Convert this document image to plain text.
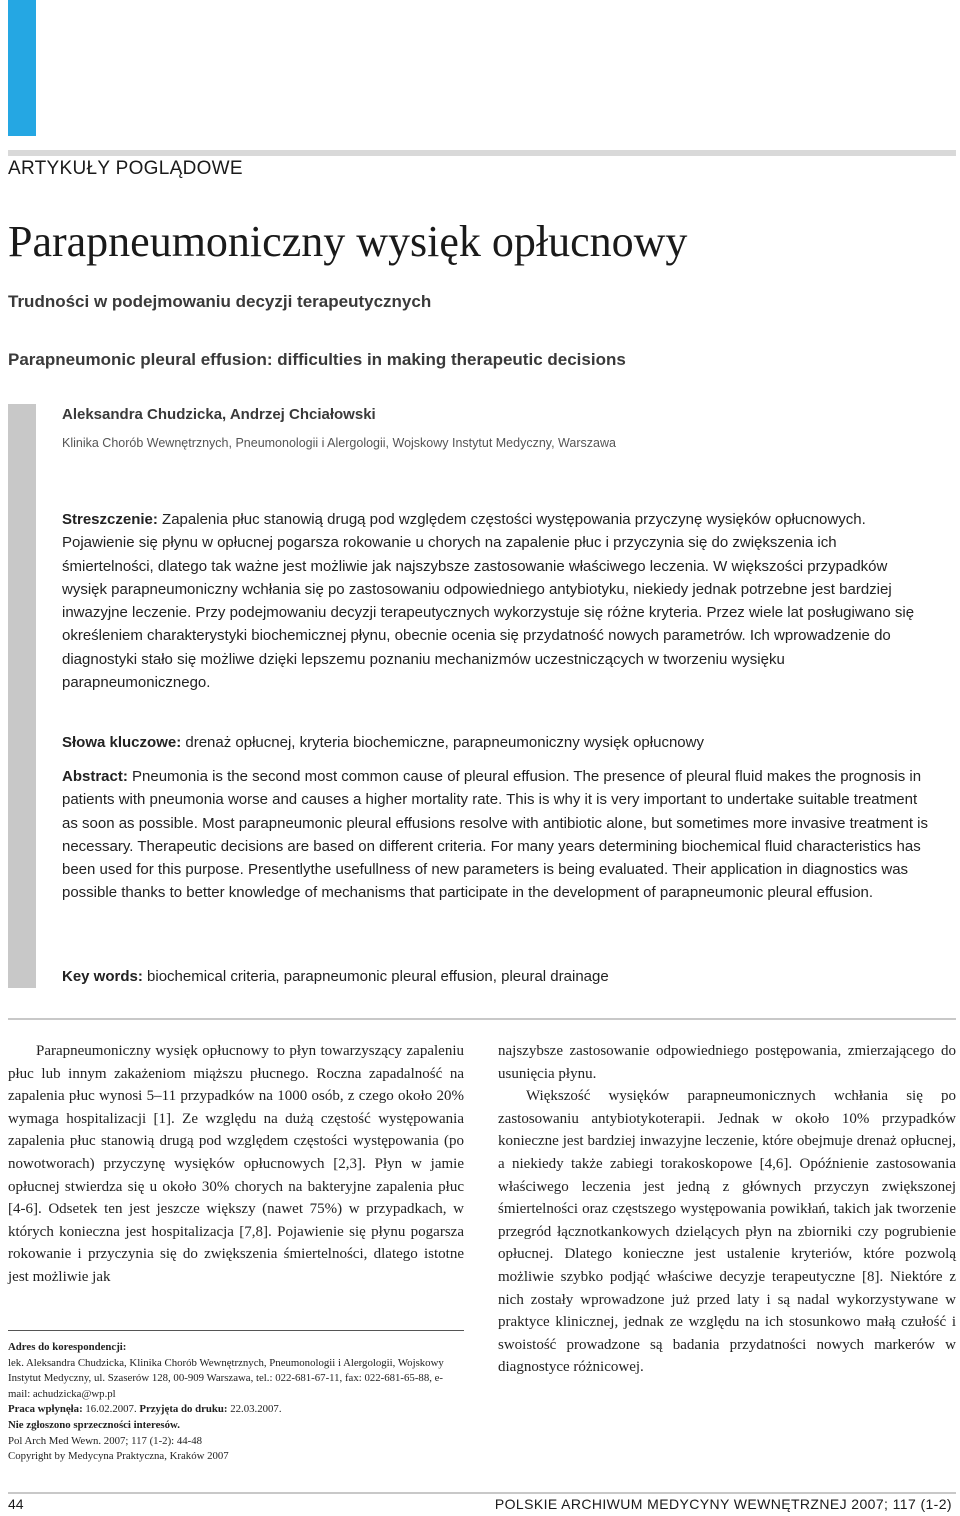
ARTYKUŁY POGLĄDOWE
Parapneumoniczny wysięk opłucnowy
Trudności w podejmowaniu decyzji terapeutycznych
Parapneumonic pleural effusion: difficulties in making therapeutic decisions
Aleksandra Chudzicka, Andrzej Chciałowski
Klinika Chorób Wewnętrznych, Pneumonologii i Alergologii, Wojskowy Instytut Medyczny, Warszawa

Streszczenie: Zapalenia płuc stanowią drugą pod względem częstości występowania przyczynę wysięków opłucnowych. Pojawienie się płynu w opłucnej pogarsza rokowanie u chorych na zapalenie płuc i przyczynia się do zwiększenia ich śmiertelności, dlatego tak ważne jest możliwie jak najszybsze zastosowanie właściwego leczenia. W większości przypadków wysięk parapneumoniczny wchłania się po zastosowaniu odpowiedniego antybiotyku, niekiedy jednak potrzebne jest bardziej inwazyjne leczenie. Przy podejmowaniu decyzji terapeutycznych wykorzystuje się różne kryteria. Przez wiele lat posługiwano się określeniem charakterystyki biochemicznej płynu, obecnie ocenia się przydatność nowych parametrów. Ich wprowadzenie do diagnostyki stało się możliwe dzięki lepszemu poznaniu mechanizmów uczestniczących w tworzeniu wysięku parapneumonicznego.

Słowa kluczowe: drenaż opłucnej, kryteria biochemiczne, parapneumoniczny wysięk opłucnowy

Abstract: Pneumonia is the second most common cause of pleural effusion. The presence of pleural fluid makes the prognosis in patients with pneumonia worse and causes a higher mortality rate. This is why it is very important to undertake suitable treatment as soon as possible. Most parapneumonic pleural effusions resolve with antibiotic alone, but sometimes more invasive treatment is necessary. Therapeutic decisions are based on different criteria. For many years determining biochemical fluid characteristics has been used for this purpose. Presentlythe usefullness of new parameters is being evaluated. Their application in diagnostics was possible thanks to better knowledge of mechanisms that participate in the development of parapneumonic pleural effusion.

Key words: biochemical criteria, parapneumonic pleural effusion, pleural drainage

Parapneumoniczny wysięk opłucnowy to płyn towarzyszący zapaleniu płuc lub innym zakażeniom miąższu płucnego. Roczna zapadalność na zapalenia płuc wynosi 5–11 przypadków na 1000 osób, z czego około 20% wymaga hospitalizacji [1]. Ze względu na dużą częstość występowania zapalenia płuc stanowią drugą pod względem częstości występowania (po nowotworach) przyczynę wysięków opłucnowych [2,3]. Płyn w jamie opłucnej stwierdza się u około 30% chorych na bakteryjne zapalenia płuc [4-6]. Odsetek ten jest jeszcze większy (nawet 75%) w przypadkach, w których konieczna jest hospitalizacja [7,8]. Pojawienie się płynu pogarsza rokowanie i przyczynia się do zwiększenia śmiertelności, dlatego istotne jest możliwie jak

Adres do korespondencji:
lek. Aleksandra Chudzicka, Klinika Chorób Wewnętrznych, Pneumonologii i Alergologii, Wojskowy Instytut Medyczny, ul. Szaserów 128, 00-909 Warszawa, tel.: 022-681-67-11, fax: 022-681-65-88, e-mail: achudzicka@wp.pl
Praca wpłynęła: 16.02.2007. Przyjęta do druku: 22.03.2007.
Nie zgłoszono sprzeczności interesów.
Pol Arch Med Wewn. 2007; 117 (1-2): 44-48
Copyright by Medycyna Praktyczna, Kraków 2007

najszybsze zastosowanie odpowiedniego postępowania, zmierzającego do usunięcia płynu.

Większość wysięków parapneumonicznych wchłania się po zastosowaniu antybiotykoterapii. Jednak w około 10% przypadków konieczne jest bardziej inwazyjne leczenie, które obejmuje drenaż opłucnej, a niekiedy także zabiegi torakoskopowe [4,6]. Opóźnienie zastosowania właściwego leczenia jest jedną z głównych przyczyn zwiększonej śmiertelności oraz częstszego występowania powikłań, takich jak tworzenie przegród łącznotkankowych dzielących płyn na zbiorniki czy pogrubienie opłucnej. Dlatego konieczne jest ustalenie kryteriów, które pozwolą możliwie szybko podjąć właściwe decyzje terapeutyczne [8]. Niektóre z nich zostały wprowadzone już przed laty i są nadal wykorzystywane w praktyce klinicznej, jednak ze względu na ich stosunkowo małą czułość i swoistość prowadzone są badania przydatności nowych markerów w diagnostyce różnicowej.

44	POLSKIE ARCHIWUM MEDYCYNY WEWNĘTRZNEJ 2007; 117 (1-2)
